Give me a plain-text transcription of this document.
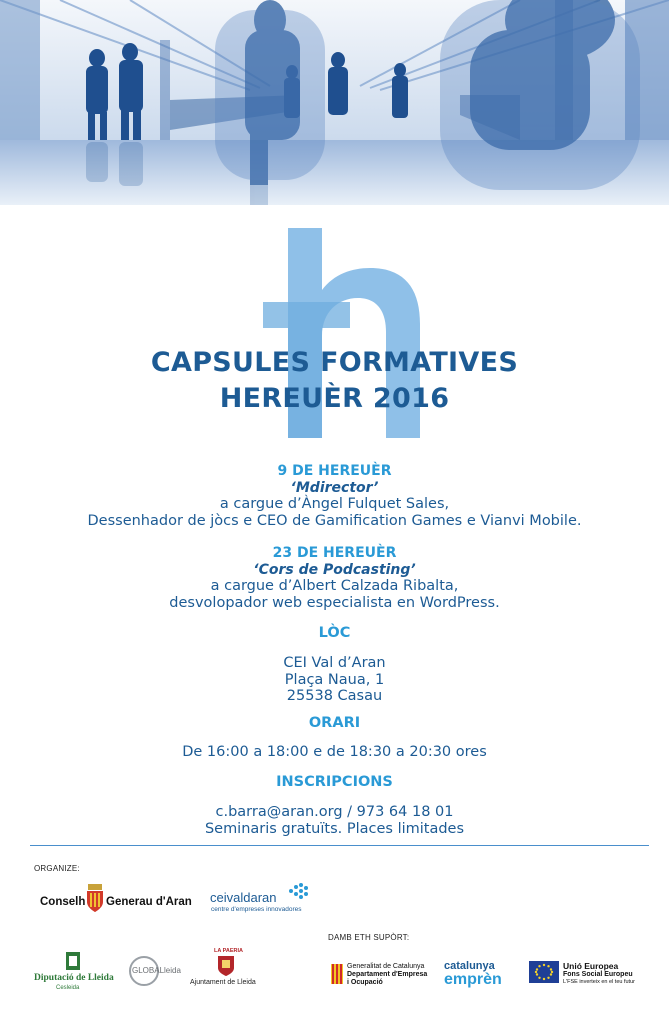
CAPSULES FORMATIVES
HEREUÈR 2016
9 DE HEREUÈR
‘Mdirector’
a cargue d’Àngel Fulquet Sales,
Dessenhador de jòcs e CEO de Gamification Games e Vianvi Mobile.
23 DE HEREUÈR
‘Cors de Podcasting’
a cargue d’Albert Calzada Ribalta,
desvolopador web especialista en WordPress.
LÒC
CEI Val d’Aran
Plaça Naua, 1
25538 Casau
ORARI
De 16:00 a 18:00 e de 18:30 a 20:30 ores
INSCRIPCIONS
c.barra@aran.org / 973 64 18 01
Seminaris gratuïts. Places limitades
ORGANIZE:
DAMB ETH SUPÒRT:
Conselh Generau d'Aran ceivaldaran
centre d'empreses innovadores
Diputació de Lleida
Cesleida
GLOBALleida
LA PAERIA
Ajuntament de Lleida
Generalitat de Catalunya
Departament d'Empresa
i Ocupació
catalunya
emprèn
Unió Europea
Fons Social Europeu
L'FSE inverteix en el teu futur
